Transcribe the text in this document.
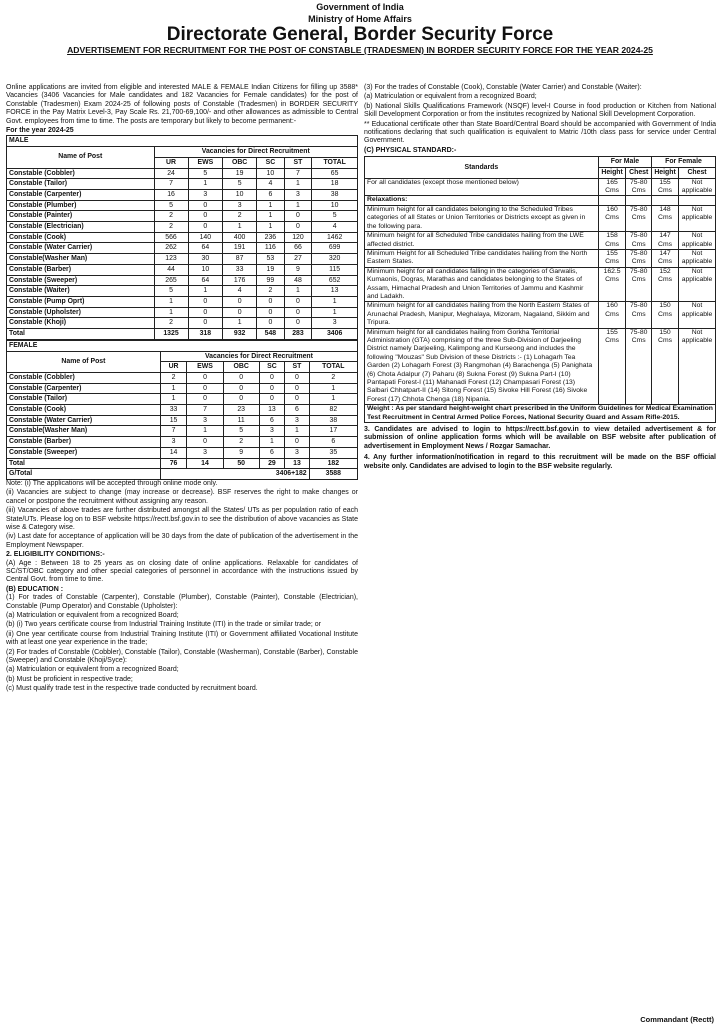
Government of India
Ministry of Home Affairs
Directorate General, Border Security Force
ADVERTISEMENT FOR RECRUITMENT FOR THE POST OF CONSTABLE (TRADESMEN) IN BORDER SECURITY FORCE FOR THE YEAR 2024-25

Online applications are invited from eligible and interested MALE & FEMALE Indian Citizens for filling up 3588* Vacancies (3406 Vacancies for Male candidates and 182 Vacancies for Female candidates) for the post of Constable (Tradesmen) Exam 2024-25 of following posts of Constable (Tradesmen) in BORDER SECURITY FORCE in the Pay Matrix Level-3, Pay Scale Rs. 21,700-69,100/- and other allowances as admissible to Central Govt. employees from time to time. The posts are temporary but likely to become permanent:-

For the year 2024-25
MALE						
Name of Post	Vacancies for Direct Recruitment					
	UR	EWS	OBC	SC	ST	TOTAL
Constable (Cobbler)	24	5	19	10	7	65
Constable (Tailor)	7	1	5	4	1	18
Constable (Carpenter)	16	3	10	6	3	38
Constable (Plumber)	5	0	3	1	1	10
Constable (Painter)	2	0	2	1	0	5
Constable (Electrician)	2	0	1	1	0	4
Constable (Cook)	566	140	400	236	120	1462
Constable (Water Carrier)	262	64	191	116	66	699
Constable(Washer Man)	123	30	87	53	27	320
Constable (Barber)	44	10	33	19	9	115
Constable (Sweeper)	265	64	176	99	48	652
Constable (Waiter)	5	1	4	2	1	13
Constable (Pump Oprt)	1	0	0	0	0	1
Constable (Upholster)	1	0	0	0	0	1
Constable (Khoji)	2	0	1	0	0	3
Total	1325	318	932	548	283	3406
FEMALE						
Name of Post	Vacancies for Direct Recruitment					
	UR	EWS	OBC	SC	ST	TOTAL
Constable (Cobbler)	2	0	0	0	0	2
Constable (Carpenter)	1	0	0	0	0	1
Constable (Tailor)	1	0	0	0	0	1
Constable (Cook)	33	7	23	13	6	82
Constable (Water Carrier)	15	3	11	6	3	38
Constable(Washer Man)	7	1	5	3	1	17
Constable (Barber)	3	0	2	1	0	6
Constable (Sweeper)	14	3	9	6	3	35
Total	76	14	50	29	13	182
G/Total	3406+182					3588

Note: (i) The applications will be accepted through online mode only.

(ii) Vacancies are subject to change (may increase or decrease). BSF reserves the right to make changes or cancel or postpone the recruitment without assigning any reason.

(iii) Vacancies of above trades are further distributed amongst all the States/ UTs as per population ratio of each State/UTs. Please log on to BSF website https://rectt.bsf.gov.in to see the distribution of above vacancies as State wise & Category wise.

(iv) Last date for acceptance of application will be 30 days from the date of publication of the advertisement in the Employment Newspaper.

2. ELIGIBILITY CONDITIONS:-

(A) Age : Between 18 to 25 years as on closing date of online applications. Relaxable for candidates of SC/ST/OBC category and other special categories of personnel in accordance with the instructions issued by Central Govt. from time to time.

(B) EDUCATION :

(1) For trades of Constable (Carpenter), Constable (Plumber), Constable (Painter), Constable (Electrician), Constable (Pump Operator) and Constable (Upholster):

(a) Matriculation or equivalent from a recognized Board;

(b) (i) Two years certificate course from Industrial Training Institute (ITI) in the trade or similar trade; or

(ii) One year certificate course from Industrial Training Institute (ITI) or Government affiliated Vocational Institute with at least one year experience in the trade;

(2) For trades of Constable (Cobbler), Constable (Tailor), Constable (Washerman), Constable (Barber), Constable (Sweeper) and Constable (Khoji/Syce):

(a) Matriculation or equivalent from a recognized Board;

(b) Must be proficient in respective trade;

(c) Must qualify trade test in the respective trade conducted by recruitment board.

(3) For the trades of Constable (Cook), Constable (Water Carrier) and Constable (Waiter):

(a) Matriculation or equivalent from a recognized Board;

(b) National Skills Qualifications Framework (NSQF) level-I Course in food production or Kitchen from National Skill Development Corporation or from the institutes recognized by National Skill Development Corporation.

** Educational certificate other than State Board/Central Board should be accompanied with Government of India notifications declaring that such qualification is equivalent to Matric /10th class pass for service under Central Government.

(C) PHYSICAL STANDARD:-

Standards	For Male		For Female	
	Height	Chest	Height	Chest
For all candidates (except those mentioned below)	165 Cms	75-80 Cms	155 Cms	Not applicable
Relaxations:				
Minimum height for all candidates belonging to the Scheduled Tribes categories of all States or Union Territories or Districts except as given in the following para.	160 Cms	75-80 Cms	148 Cms	Not applicable
Minimum height for all Scheduled Tribe candidates hailing from the LWE affected district.	158 Cms	75-80 Cms	147 Cms	Not applicable
Minimum Height for all Scheduled Tribe candidates hailing from the North Eastern States.	155 Cms	75-80 Cms	147 Cms	Not applicable
Minimum height for all candidates falling in the categories of Garwalis, Kumaonis, Dogras, Marathas and candidates belonging to the States of Assam, Himachal Pradesh and Union Territories of Jammu and Kashmir and Ladakh.	162.5 Cms	75-80 Cms	152 Cms	Not applicable
Minimum height for all candidates hailing from the North Eastern States of Arunachal Pradesh, Manipur, Meghalaya, Mizoram, Nagaland, Sikkim and Tripura.	160 Cms	75-80 Cms	150 Cms	Not applicable
Minimum height for all candidates hailing from Gorkha Territorial Administration (GTA) comprising of the three Sub-Division of Darjeeling District namely Darjeeling, Kalimpong and Kurseong and includes the following "Mouzas" Sub Division of these Districts :- (1) Lohagarh Tea Garden (2) Lohagarh Forest (3) Rangmohan (4) Barachenga (5) Panighata (6) Chota Adalpur (7) Paharu (8) Sukna Forest (9) Sukna Part-I (10) Pantapati Forest-I (11) Mahanadi Forest (12) Champasari Forest (13) Salbari Chhatpart-II (14) Sitong Forest (15) Sivoke Hill Forest (16) Sivoke Forest (17) Chhota Chenga (18) Nipania.	155 Cms	75-80 Cms	150 Cms	Not applicable
Weight : As per standard height-weight chart prescribed in the Uniform Guidelines for Medical Examination Test Recruitment in Central Armed Police Forces, National Security Guard and Assam Rifle-2015.				

3. Candidates are advised to login to https://rectt.bsf.gov.in to view detailed advertisement & for submission of online application forms which will be available on BSF website after publication of advertisement in Employment News / Rozgar Samachar.

4. Any further information/notification in regard to this recruitment will be made on the BSF official website only. Candidates are advised to login to the BSF website regularly.

Commandant (Rectt)
